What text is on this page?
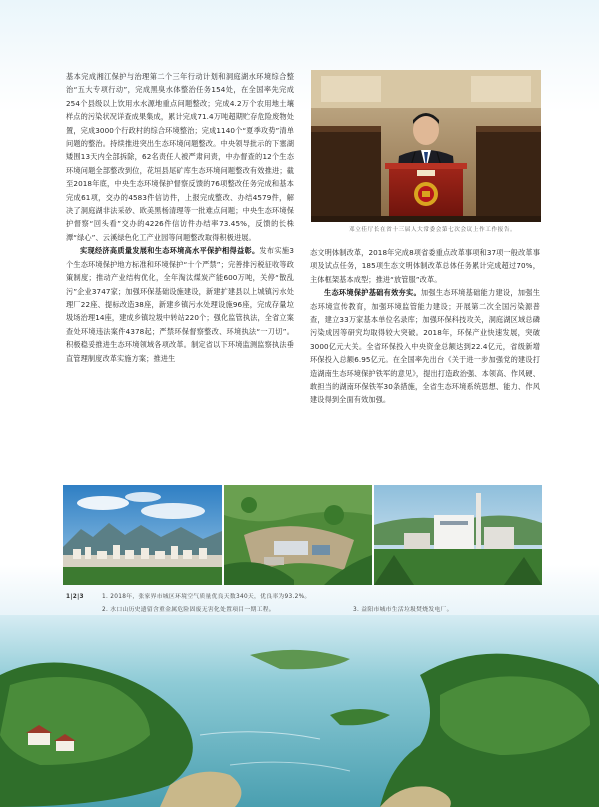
基本完成湘江保护与治理第二个三年行动计划和洞庭湖水环境综合整治“五大专项行动”，完成黑臭水体整治任务154处，在全国率先完成254个县级以上饮用水水源地重点问题整改；完成4.2万个农用地土壤样点的污染状况详查成果集成，累计完成71.4万吨超期贮存危险废物处置，完成3000个行政村的综合环境整治；完成1140个“夏季攻势”清单问题的整治。持续推进突出生态环境问题整改。中央领导批示的下塞湖矮围13天内全部拆除，62名责任人被严肃问责，中办督查的12个生态环境问题全部整改到位，花垣县尾矿库生态环境问题整改有效推进；截至2018年底，中央生态环境保护督察反馈的76项整改任务完成和基本完成61项，交办的4583件信访件，上报完成整改、办结4579件，解决了洞庭湖非法采砂、欧美黑杨清理等一批难点问题；中央生态环境保护督察“回头看”交办的4226件信访件办结率73.45%，反馈的长株潭“绿心”、云溪绿色化工产业园等问题整改取得积极进展。

实现经济高质量发展和生态环境高水平保护相得益彰。发布实施3个生态环境保护地方标准和环境保护“十个严禁”；完善排污税征收等政策制度；推动产业结构优化，全年淘汰煤炭产能600万吨，关停“散乱污”企业3747家；加强环保基础设施建设，新建扩建县以上城镇污水处理厂22座、提标改造38座，新建乡镇污水处理设施96座，完成存量垃圾场治理14座，建成乡镇垃圾中转站220个；强化监管执法，全省立案查处环境违法案件4378起；严禁环保督察整改、环境执法“一刀切”。积极稳妥推进生态环境领域各项改革。制定省以下环境监测监察执法垂直管理制度改革实施方案；推进生

邓立佳厅长在省十三届人大常委会第七次会议上作工作报告。

态文明体制改革，2018年完成8项省委重点改革事项和37项一般改革事项及试点任务，185项生态文明体制改革总体任务累计完成超过70%，主体框架基本成型；推进“放管服”改革。

生态环境保护基础有效夯实。加强生态环境基础能力建设，加强生态环境宣传教育，加强环境监管能力建设；开展第二次全国污染源普查，建立33万家基本单位名录库；加强环保科技攻关，洞庭湖区域总磷污染成因等研究均取得较大突破。2018年，环保产业快速发展，突破3000亿元大关。全省环保投入中央资金总额达到22.4亿元，省级新增环保投入总额6.95亿元。在全国率先出台《关于进一步加强党的建设打造湖南生态环境保护铁军的意见》，提出打造政治强、本领高、作风硬、敢担当的湖南环保铁军30条措施，全省生态环境系统思想、能力、作风建设得到全面有效加强。

1|2|3	1. 2018年，张家界市城区环境空气质量优良天数340天，优良率为93.2%。
2. 水口山历史遗留含重金属危险固废无害化处置项目一期工程。	3. 益阳市城市生活垃圾焚烧发电厂。
